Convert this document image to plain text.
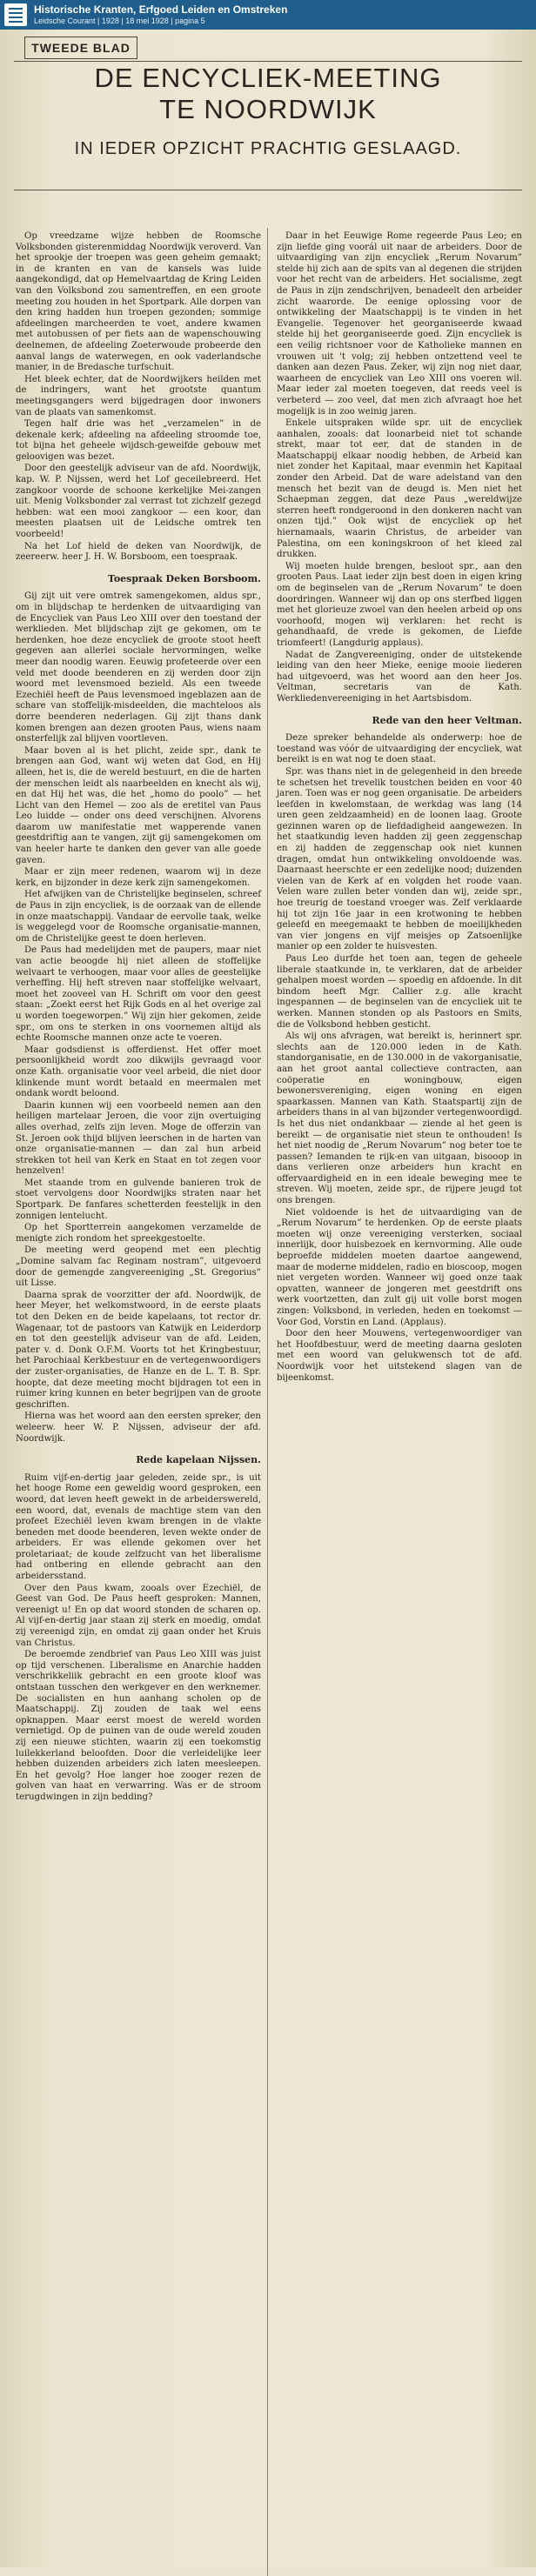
Historische Kranten, Erfgoed Leiden en Omstreken
Leidsche Courant | 1928 | 18 mei 1928 | pagina 5
TWEEDE BLAD
DE ENCYCLIEK-MEETING
TE NOORDWIJK
IN IEDER OPZICHT PRACHTIG GESLAAGD.

Op vreedzame wijze hebben de Roomsche Volksbonden gisterenmiddag Noordwijk veroverd. Van het sprookje der troepen was geen geheim gemaakt; in de kranten en van de kansels was luide aangekondigd, dat op Hemelvaartdag de Kring Leiden van den Volksbond zou samentreffen, en een groote meeting zou houden in het Sportpark. Alle dorpen van den kring hadden hun troepen gezonden; sommige afdeelingen marcheerden te voet, andere kwamen met autobussen of per fiets aan de wapenschouwing deelnemen, de afdeeling Zoeterwoude probeerde den aanval langs de waterwegen, en ook vaderlandsche manier, in de Bredasche turfschuit.

Het bleek echter, dat de Noordwijkers heilden met de indringers, want het grootste quantum meetingsgangers werd bijgedragen door inwoners van de plaats van samenkomst.

Tegen half drie was het „verzamelen” in de dekenale kerk; afdeeling na afdeeling stroomde toe, tot bijna het geheele wijdsch-geweifde gebouw met geloovigen was bezet.

Door den geestelijk adviseur van de afd. Noordwijk, kap. W. P. Nijssen, werd het Lof geceilebreerd. Het zangkoor voorde de schoone kerkelijke Mei-zangen uit. Menig Volksbonder zal verrast tot zichzelf gezegd hebben: wat een mooi zangkoor — een koor, dan meesten plaatsen uit de Leidsche omtrek ten voorbeeld!

Na het Lof hield de deken van Noordwijk, de zeereerw. heer J. H. W. Borsboom, een toespraak.

Toespraak Deken Borsboom.

Gij zijt uit vere omtrek samengekomen, aldus spr., om in blijdschap te herdenken de uitvaardiging van de Encycliek van Paus Leo XIII over den toestand der werklieden. Met blijdschap zijt ge gekomen, om te herdenken, hoe deze encycliek de groote stoot heeft gegeven aan allerlei sociale hervormingen, welke meer dan noodig waren. Eeuwig profeteerde over een veld met doode beenderen en zij werden door zijn woord met levensmoed bezield. Als een tweede Ezechiël heeft de Paus levensmoed ingeblazen aan de schare van stoffelijk-misdeelden, die machteloos als dorre beenderen nederlagen. Gij zijt thans dank komen brengen aan dezen grooten Paus, wiens naam onsterfelijk zal blijven voortleven.

Maar boven al is het plicht, zeide spr., dank te brengen aan God, want wij weten dat God, en Hij alleen, het is, die de wereld bestuurt, en die de harten der menschen leidt als naarbeelden en knecht als wij, en dat Hij het was, die het „homo do poolo” — het Licht van den Hemel — zoo als de eretitel van Paus Leo luidde — onder ons deed verschijnen. Alvorens daarom uw manifestatie met wapperende vanen geestdriftig aan te vangen, zijt gij samengekomen om van heeler harte te danken den gever van alle goede gaven.

Maar er zijn meer redenen, waarom wij in deze kerk, en bijzonder in deze kerk zijn samengekomen.

Het afwijken van de Christelijke beginselen, schreef de Paus in zijn encycliek, is de oorzaak van de ellende in onze maatschappij. Vandaar de eervolle taak, welke is weggelegd voor de Roomsche organisatie-mannen, om de Christelijke geest te doen herleven.

De Paus had medelijden met de paupers, maar niet van actie beoogde hij niet alleen de stoffelijke welvaart te verhoogen, maar voor alles de geestelijke verheffing. Hij heft streven naar stoffelijke welvaart, moet het zooveel van H. Schrift om voor den geest staan: „Zoekt eerst het Rijk Gods en al het overige zal u worden toegeworpen.” Wij zijn hier gekomen, zeide spr., om ons te sterken in ons voornemen altijd als echte Roomsche mannen onze acte te voeren.

Maar godsdienst is offerdienst. Het offer moet persoonlijkheid wordt zoo dikwijls gevraagd voor onze Kath. organisatie voor veel arbeid, die niet door klinkende munt wordt betaald en meermalen met ondank wordt beloond.

Daarin kunnen wij een voorbeeld nemen aan den heiligen martelaar Jeroen, die voor zijn overtuiging alles overhad, zelfs zijn leven. Moge de offerzin van St. Jeroen ook thijd blijven leerschen in de harten van onze organisatie-mannen — dan zal hun arbeid strekken tot heil van Kerk en Staat en tot zegen voor henzelven!

Met staande trom en gulvende banieren trok de stoet vervolgens door Noordwijks straten naar het Sportpark. De fanfares schetterden feestelijk in den zonnigen lentelucht.

Op het Sportterrein aangekomen verzamelde de menigte zich rondom het spreekgestoelte.

De meeting werd geopend met een plechtig „Domine salvam fac Reginam nostram”, uitgevoerd door de gemengde zangvereeniging „St. Gregorius” uit Lisse.

Daarna sprak de voorzitter der afd. Noordwijk, de heer Meyer, het welkomstwoord, in de eerste plaats tot den Deken en de beide kapelaans, tot rector dr. Wagenaar, tot de pastoors van Katwijk en Leiderdorp en tot den geestelijk adviseur van de afd. Leiden, pater v. d. Donk O.F.M. Voorts tot het Kringbestuur, het Parochiaal Kerkbestuur en de vertegenwoordigers der zuster-organisaties, de Hanze en de L. T. B. Spr. hoopte, dat deze meeting mocht bijdragen tot een in ruimer kring kunnen en beter begrijpen van de groote geschriften.

Hierna was het woord aan den eersten spreker, den weleerw. heer W. P. Nijssen, adviseur der afd. Noordwijk.

Rede kapelaan Nijssen.

Ruim vijf-en-dertig jaar geleden, zeide spr., is uit het hooge Rome een geweldig woord gesproken, een woord, dat leven heeft gewekt in de arbeiderswereld, een woord, dat, evenals de machtige stem van den profeet Ezechiël leven kwam brengen in de vlakte beneden met doode beenderen, leven wekte onder de arbeiders. Er was ellende gekomen over het proletariaat; de koude zelfzucht van het liberalisme had ontbering en ellende gebracht aan den arbeidersstand.

Over den Paus kwam, zooals over Ezechiël, de Geest van God. De Paus heeft gesproken: Mannen, vereenigt u! En op dat woord stonden de scharen op. Al vijf-en-dertig jaar staan zij sterk en moedig, omdat zij vereenigd zijn, en omdat zij gaan onder het Kruis van Christus.

De beroemde zendbrief van Paus Leo XIII was juist op tijd verschenen. Liberalisme en Anarchie hadden verschrikkeliik gebracht en een groote kloof was ontstaan tusschen den werkgever en den werknemer. De socialisten en hun aanhang scholen op de Maatschappij. Zij zouden de taak wel eens opknappen. Maar eerst moest de wereld worden vernietigd. Op de puinen van de oude wereld zouden zij een nieuwe stichten, waarin zij een toekomstig luilekkerland beloofden. Door die verleidelijke leer hebben duizenden arbeiders zich laten meesleepen. En het gevolg? Hoe langer hoe zooger rezen de golven van haat en verwarring. Was er de stroom terugdwingen in zijn bedding?

Daar in het Eeuwige Rome regeerde Paus Leo; en zijn liefde ging voorál uit naar de arbeiders. Door de uitvaardiging van zijn encycliek „Rerum Novarum” stelde hij zich aan de spits van al degenen die strijden voor het recht van de arbeiders. Het socialisme, zegt de Paus in zijn zendschrijven, benadeelt den arbeider zicht waarorde. De eenige oplossing voor de ontwikkeling der Maatschappij is te vinden in het Evangelie. Tegenover het georganiseerde kwaad stelde hij het georganiseerde goed. Zijn encycliek is een veilig richtsnoer voor de Katholieke mannen en vrouwen uit 't volg; zij hebben ontzettend veel te danken aan dezen Paus. Zeker, wij zijn nog niet daar, waarheen de encycliek van Leo XIII ons voeren wil. Maar ieder zal moeten toegeven, dat reeds veel is verbeterd — zoo veel, dat men zich afvraagt hoe het mogelijk is in zoo weinig jaren.

Enkele uitspraken wilde spr. uit de encycliek aanhalen, zooals: dat loonarbeid niet tot schande strekt, maar tot eer, dat de standen in de Maatschappij elkaar noodig hebben, de Arbeid kan niet zonder het Kapitaal, maar evenmin het Kapitaal zonder den Arbeid. Dat de ware adelstand van den mensch het bezit van de deugd is. Men niet het Schaepman zeggen, dat deze Paus „wereldwijze sterren heeft rondgeroond in den donkeren nacht van onzen tijd.” Ook wijst de encycliek op het hiernamaals, waarin Christus, de arbeider van Palestina, om een koningskroon of het kleed zal drukken.

Wij moeten hulde brengen, besloot spr., aan den grooten Paus. Laat ieder zijn best doen in eigen kring om de beginselen van de „Rerum Novarum” te doen doordringen. Wanneer wij dan op ons sterfbed liggen met het glorieuze zwoel van den heelen arbeid op ons voorhoofd, mogen wij verklaren: het recht is gehandhaafd, de vrede is gekomen, de Liefde triomfeert! (Langdurig applaus).

Nadat de Zangvereeniging, onder de uitstekende leiding van den heer Mieke, eenige mooie liederen had uitgevoerd, was het woord aan den heer Jos. Veltman, secretaris van de Kath. Werkliedenvereeniging in het Aartsbisdom.

Rede van den heer Veltman.

Deze spreker behandelde als onderwerp: hoe de toestand was vóór de uitvaardiging der encycliek, wat bereikt is en wat nog te doen staat.

Spr. was thans niet in de gelegenheid in den breede te schetsen het trevelik toustchen beiden en voor 40 jaren. Toen was er nog geen organisatie. De arbeiders leefden in kwelomstaan, de werkdag was lang (14 uren geen zeldzaamheid) en de loonen laag. Groote gezinnen waren op de liefdadigheid aangewezen. In het staatkundig leven hadden zij geen zeggenschap en zij hadden de zeggenschap ook niet kunnen dragen, omdat hun ontwikkeling onvoldoende was. Daarnaast heerschte er een zedelijke nood; duizenden vielen van de Kerk af en volgden het roode vaan. Velen ware zullen beter vonden dan wij, zeide spr., hoe treurig de toestand vroeger was. Zelf verklaarde hij tot zijn 16e jaar in een krotwoning te hebben geleefd en meegemaakt te hebben de moeilijkheden van vier jongens en vijf meisjes op Zatsoenlijke manier op een zolder te huisvesten.

Paus Leo durfde het toen aan, tegen de geheele liberale staatkunde in, te verklaren, dat de arbeider gehalpen moest worden — spoedig en afdoende. In dit bindom heeft Mgr. Callier z.g. alle kracht ingespannen — de beginselen van de encycliek uit te werken. Mannen stonden op als Pastoors en Smits, die de Volksbond hebben gesticht.

Als wij ons afvragen, wat bereikt is, herinnert spr. slechts aan de 120.000 leden in de Kath. standorganisatie, en de 130.000 in de vakorganisatie, aan het groot aantal collectieve contracten, aan coöperatie en woningbouw, eigen bewonersvereniging, eigen woning en eigen spaarkassen. Mannen van Kath. Staatspartij zijn de arbeiders thans in al van bijzonder vertegenwoordigd. Is het dus niet ondankbaar — ziende al het geen is bereikt — de organisatie niet steun te onthouden! Is het niet noodig de „Rerum Novarum” nog beter toe te passen? Iemanden te rijk-en van uitgaan, bisooop in dans verlieren onze arbeiders hun kracht en offervaardigheid en in een ideale beweging mee te streven. Wij moeten, zeide spr., de rijpere jeugd tot ons brengen.

Niet voldoende is het de uitvaardiging van de „Rerum Novarum” te herdenken. Op de eerste plaats moeten wij onze vereeniging versterken, sociaal innerlijk, door huisbezoek en kernvorming. Alle oude beproefde middelen moeten daartoe aangewend, maar de moderne middelen, radio en bioscoop, mogen niet vergeten worden. Wanneer wij goed onze taak opvatten, wanneer de jongeren met geestdrift ons werk voortzetten, dan zult gij uit volle borst mogen zingen: Volksbond, in verleden, heden en toekomst — Voor God, Vorstin en Land. (Applaus).

Door den heer Mouwens, vertegenwoordiger van het Hoofdbestuur, werd de meeting daarna gesloten met een woord van gelukwensch tot de afd. Noordwijk voor het uitstekend slagen van de bijeenkomst.
